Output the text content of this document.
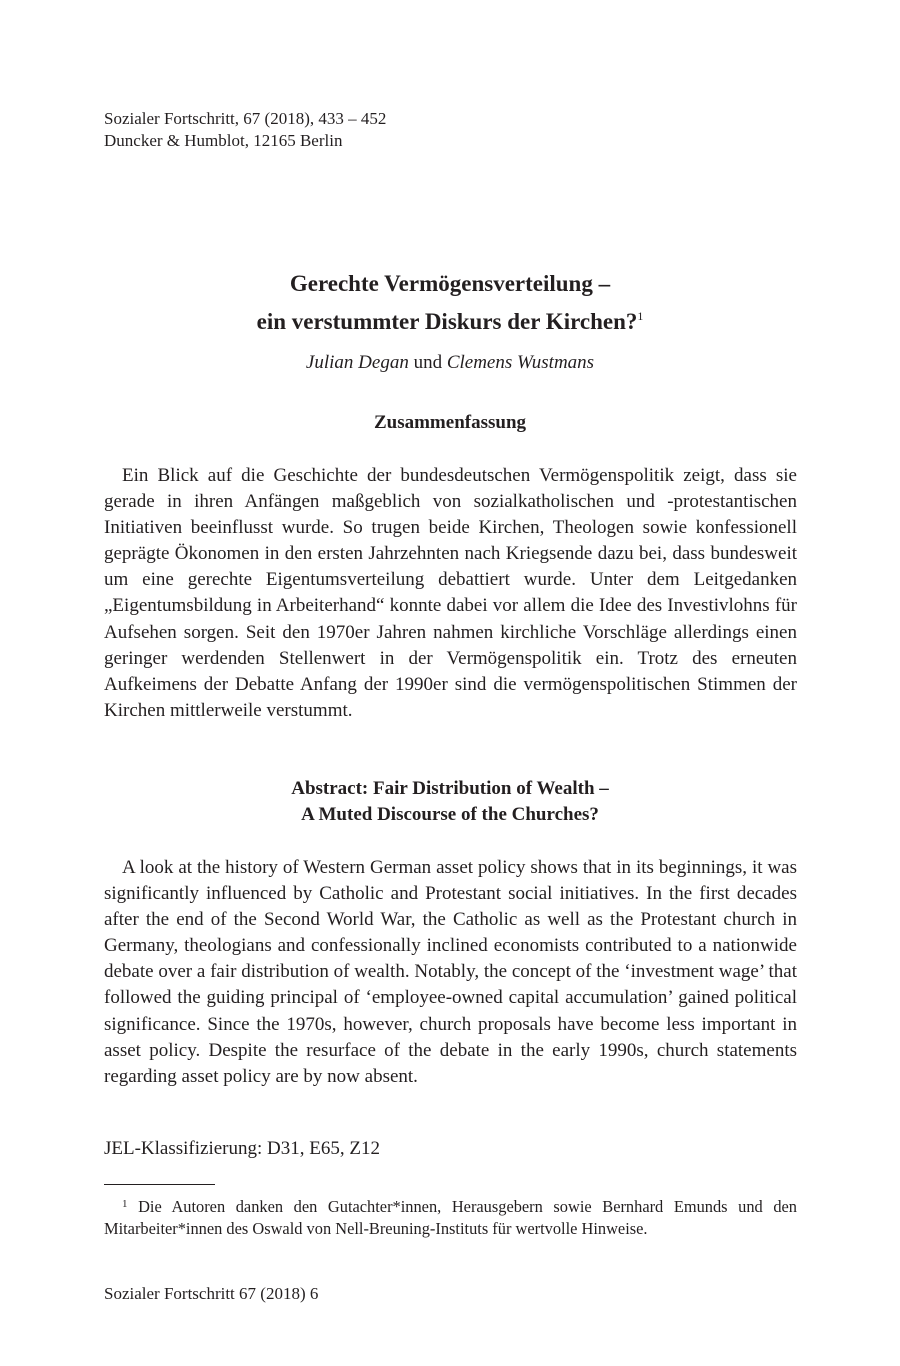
Sozialer Fortschritt, 67 (2018), 433 – 452
Duncker & Humblot, 12165 Berlin
Gerechte Vermögensverteilung –
ein verstummter Diskurs der Kirchen?$^1$
Julian Degan und Clemens Wustmans
Zusammenfassung

Ein Blick auf die Geschichte der bundesdeutschen Vermögenspolitik zeigt, dass sie gerade in ihren Anfängen maßgeblich von sozialkatholischen und -protestantischen Initiativen beeinflusst wurde. So trugen beide Kirchen, Theologen sowie konfessionell geprägte Ökonomen in den ersten Jahrzehnten nach Kriegsende dazu bei, dass bundesweit um eine gerechte Eigentumsverteilung debattiert wurde. Unter dem Leitgedanken „Eigentumsbildung in Arbeiterhand“ konnte dabei vor allem die Idee des Investivlohns für Aufsehen sorgen. Seit den 1970er Jahren nahmen kirchliche Vorschläge allerdings einen geringer werdenden Stellenwert in der Vermögenspolitik ein. Trotz des erneuten Aufkeimens der Debatte Anfang der 1990er sind die vermögenspolitischen Stimmen der Kirchen mittlerweile verstummt.

Abstract: Fair Distribution of Wealth –
A Muted Discourse of the Churches?

A look at the history of Western German asset policy shows that in its beginnings, it was significantly influenced by Catholic and Protestant social initiatives. In the first decades after the end of the Second World War, the Catholic as well as the Protestant church in Germany, theologians and confessionally inclined economists contributed to a nationwide debate over a fair distribution of wealth. Notably, the concept of the ‘investment wage’ that followed the guiding principal of ‘employee-owned capital accumulation’ gained political significance. Since the 1970s, however, church proposals have become less important in asset policy. Despite the resurface of the debate in the early 1990s, church statements regarding asset policy are by now absent.

JEL-Klassifizierung: D31, E65, Z12

$^1$ Die Autoren danken den Gutachter*innen, Herausgebern sowie Bernhard Emunds und den Mitarbeiter*innen des Oswald von Nell-Breuning-Instituts für wertvolle Hinweise.

Sozialer Fortschritt 67 (2018) 6
